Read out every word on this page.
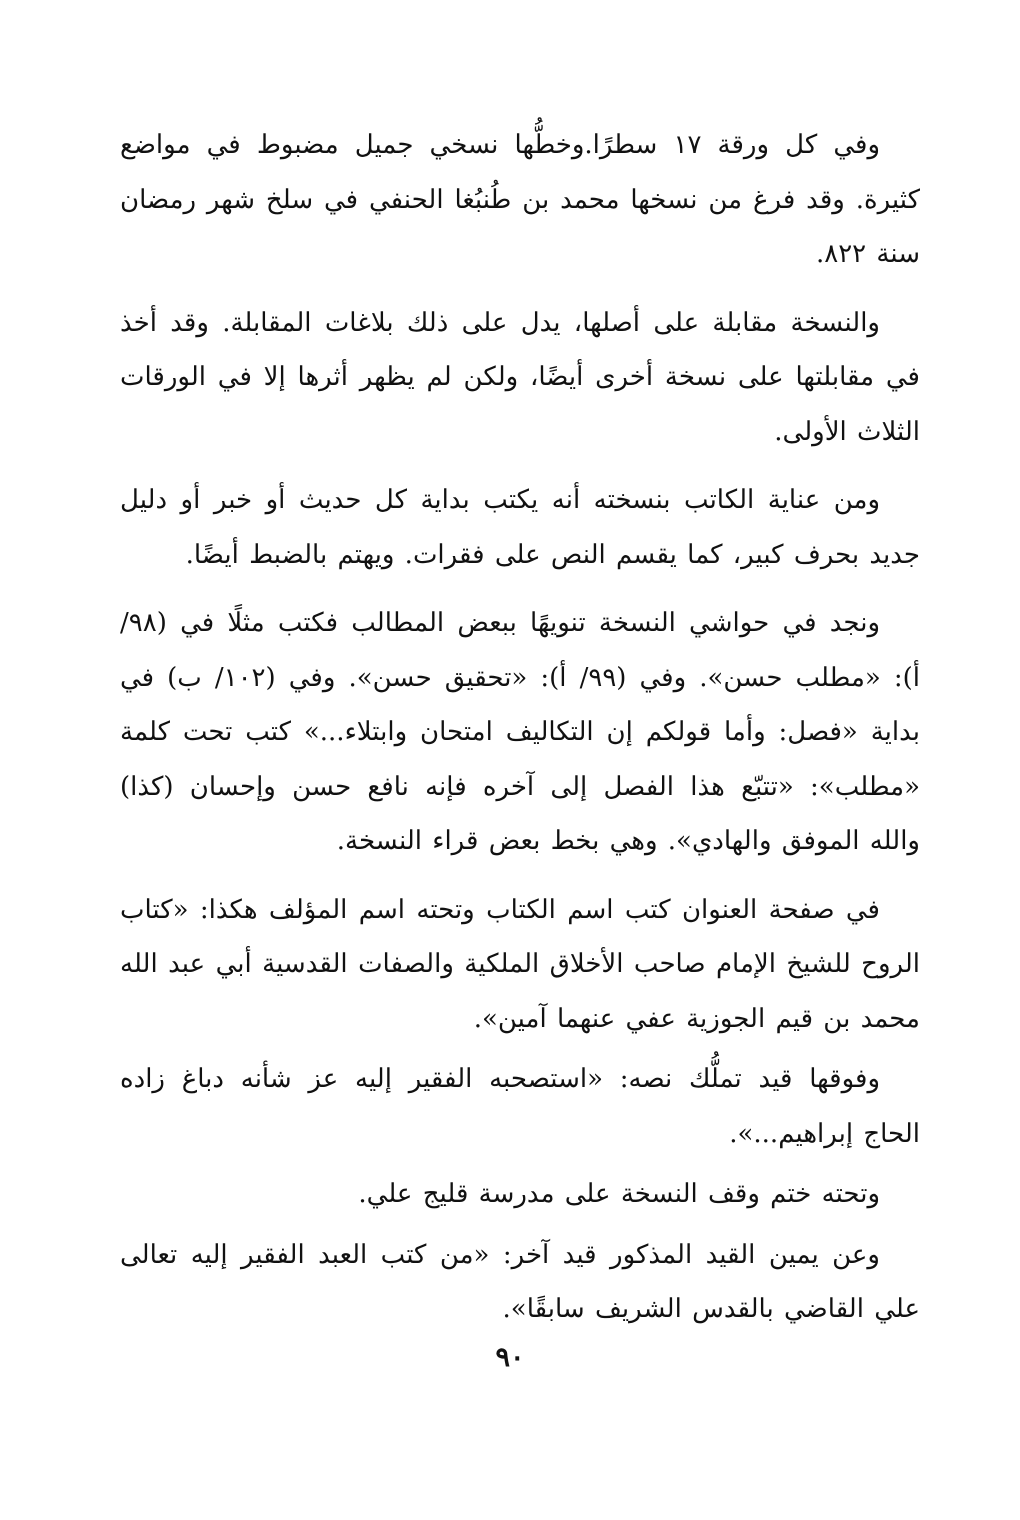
وفي كل ورقة ١٧ سطرًا.وخطُّها نسخي جميل مضبوط في مواضع كثيرة. وقد فرغ من نسخها محمد بن طُنبُغا الحنفي في سلخ شهر رمضان سنة ٨٢٢.

والنسخة مقابلة على أصلها، يدل على ذلك بلاغات المقابلة. وقد أخذ في مقابلتها على نسخة أخرى أيضًا، ولكن لم يظهر أثرها إلا في الورقات الثلاث الأولى.

ومن عناية الكاتب بنسخته أنه يكتب بداية كل حديث أو خبر أو دليل جديد بحرف كبير، كما يقسم النص على فقرات. ويهتم بالضبط أيضًا.

ونجد في حواشي النسخة تنويهًا ببعض المطالب فكتب مثلًا في (٩٨/ أ): «مطلب حسن». وفي (٩٩/ أ): «تحقيق حسن». وفي (١٠٢/ ب) في بداية «فصل: وأما قولكم إن التكاليف امتحان وابتلاء...» كتب تحت كلمة «مطلب»: «تتبّع هذا الفصل إلى آخره فإنه نافع حسن وإحسان (كذا) والله الموفق والهادي». وهي بخط بعض قراء النسخة.

في صفحة العنوان كتب اسم الكتاب وتحته اسم المؤلف هكذا: «كتاب الروح للشيخ الإمام صاحب الأخلاق الملكية والصفات القدسية أبي عبد الله محمد بن قيم الجوزية عفي عنهما آمين».

وفوقها قيد تملُّك نصه: «استصحبه الفقير إليه عز شأنه دباغ زاده الحاج إبراهيم...».

وتحته ختم وقف النسخة على مدرسة قليج علي.

وعن يمين القيد المذكور قيد آخر: «من كتب العبد الفقير إليه تعالى علي القاضي بالقدس الشريف سابقًا».

٩٠
